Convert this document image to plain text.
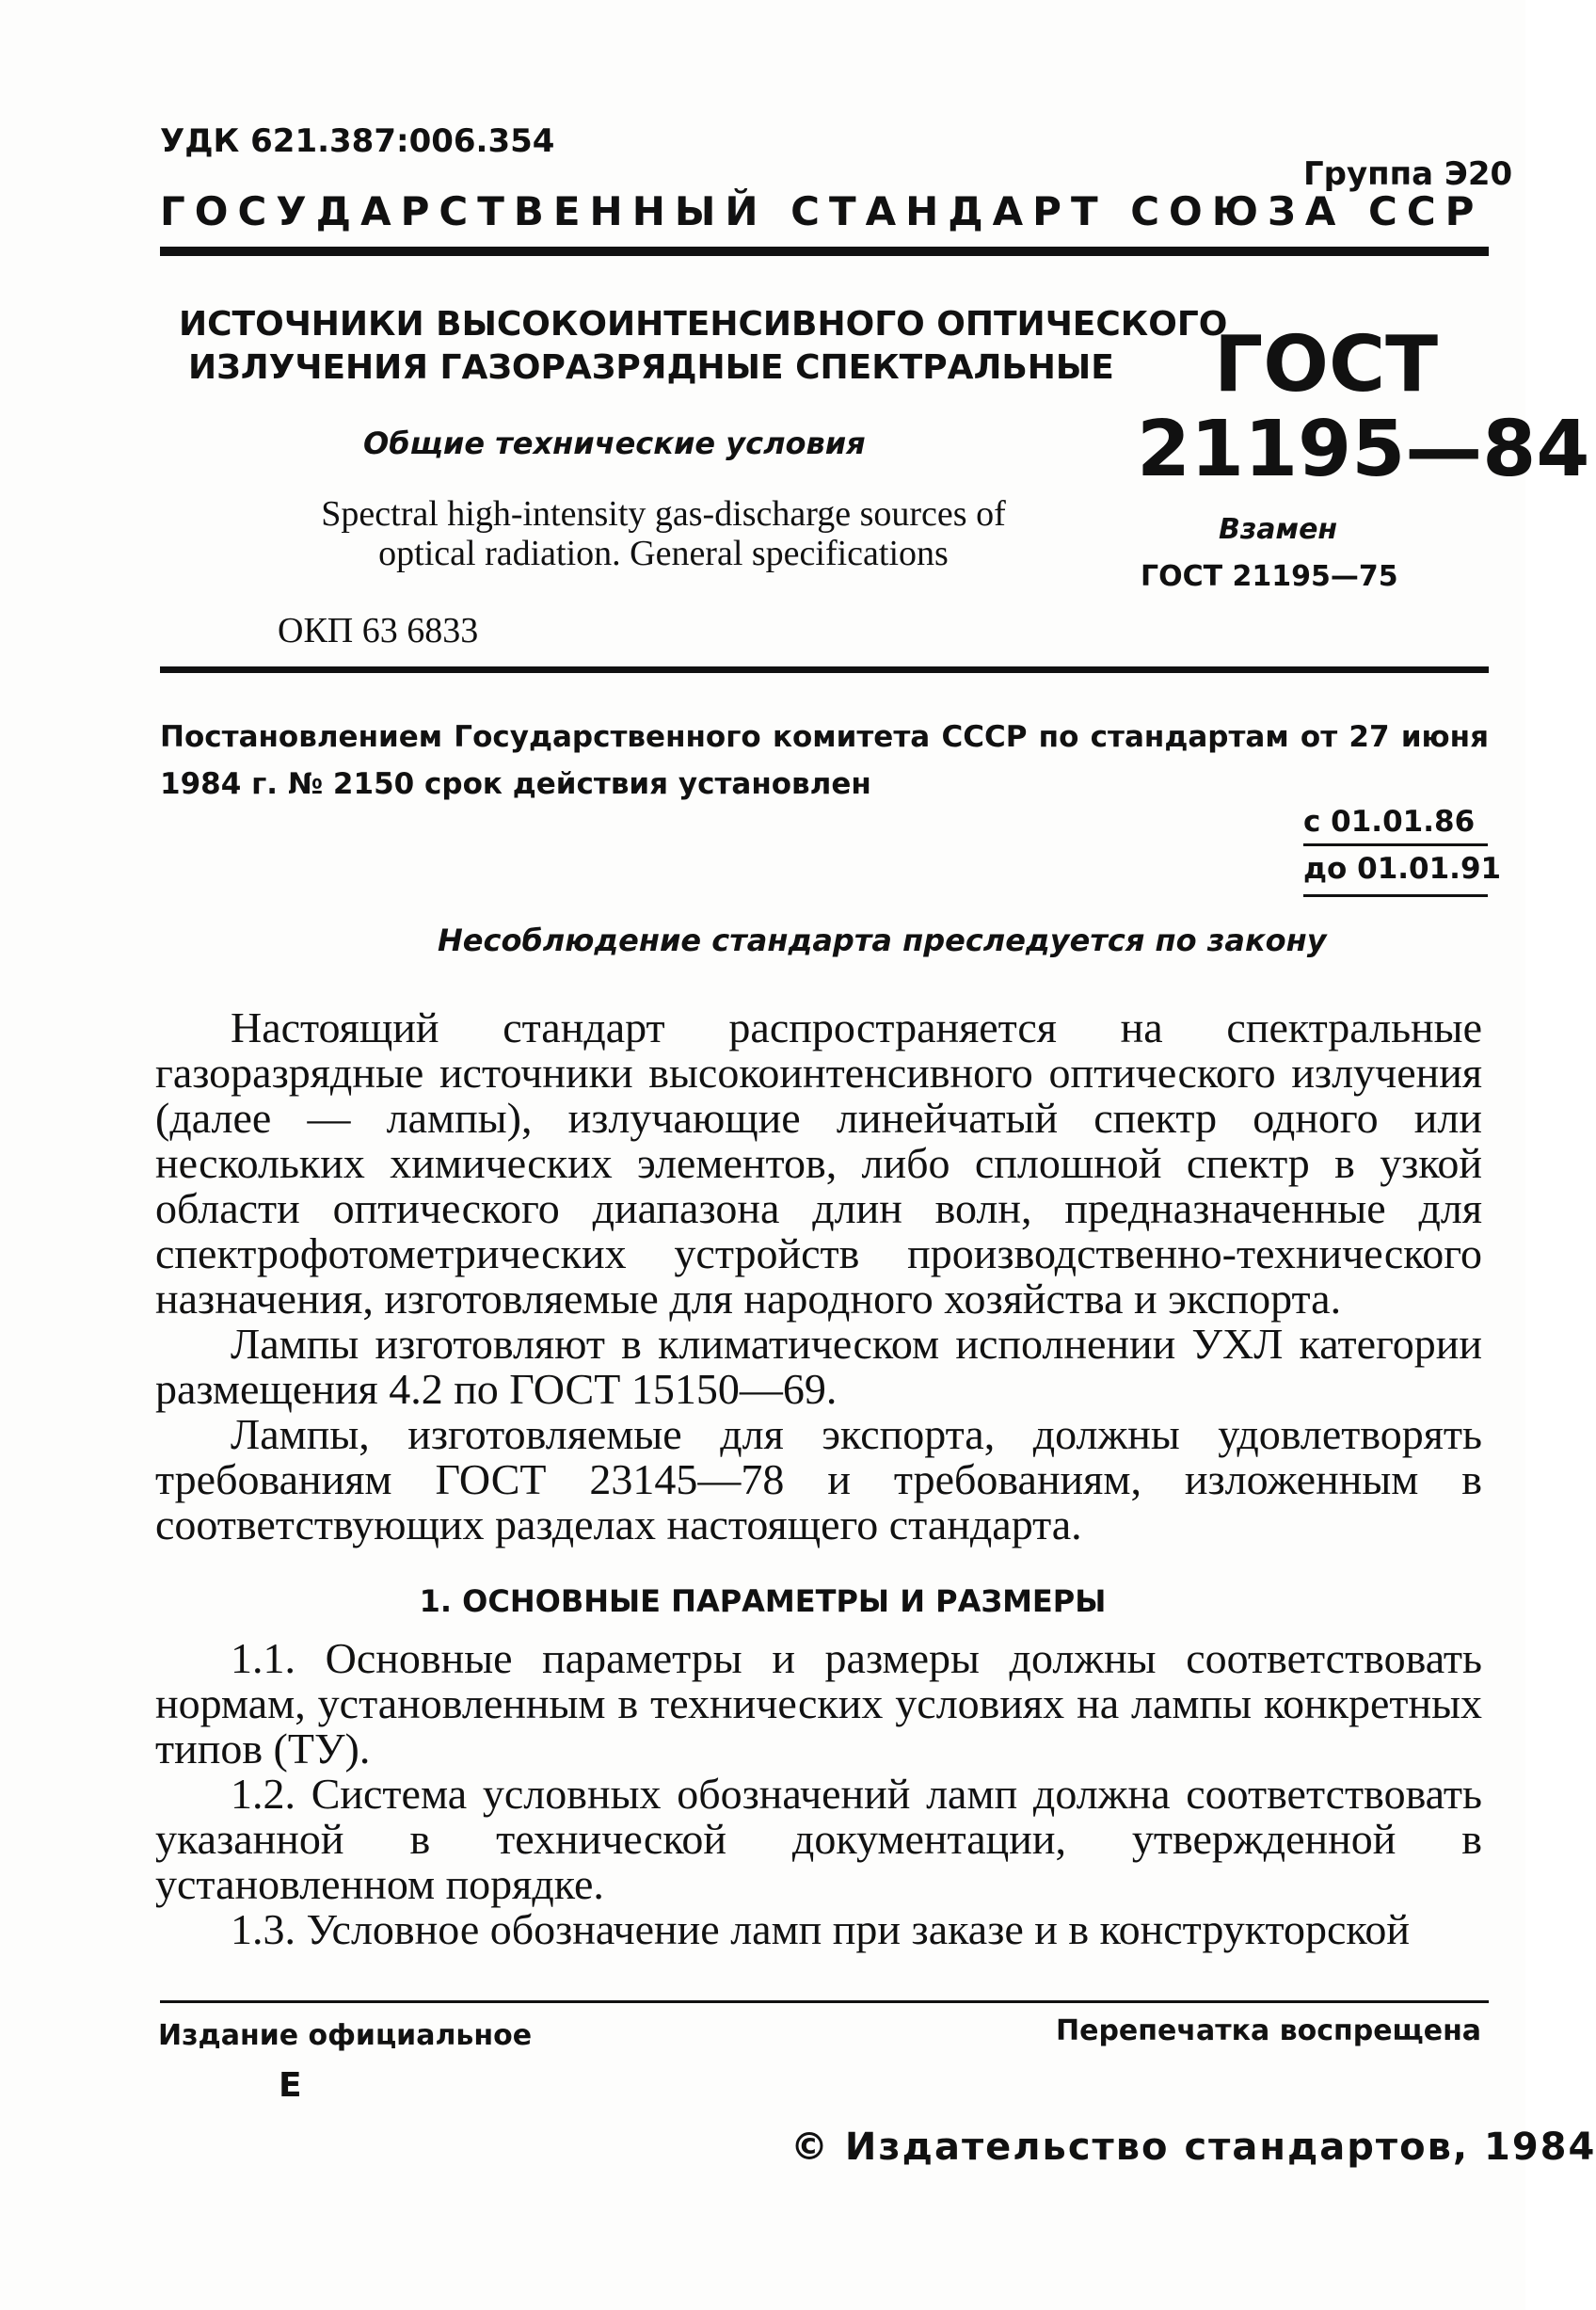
УДК 621.387:006.354
Группа Э20
ГОСУДАРСТВЕННЫЙ СТАНДАРТ СОЮЗА ССР
ИСТОЧНИКИ ВЫСОКОИНТЕНСИВНОГО ОПТИЧЕСКОГО
ИЗЛУЧЕНИЯ ГАЗОРАЗРЯДНЫЕ СПЕКТРАЛЬНЫЕ
Общие технические условия
Spectral high-intensity gas-discharge sources of
optical radiation. General specifications
ОКП 63 6833
ГОСТ
21195—84
Взамен
ГОСТ 21195—75
Постановлением Государственного комитета СССР по стандартам от 27 июня 1984 г. № 2150 срок действия установлен
с 01.01.86
до 01.01.91
Несоблюдение стандарта преследуется по закону

Настоящий стандарт распространяется на спектральные газоразрядные источники высокоинтенсивного оптического излучения (далее — лампы), излучающие линейчатый спектр одного или нескольких химических элементов, либо сплошной спектр в узкой области оптического диапазона длин волн, предназначенные для спектрофотометрических устройств производственно-технического назначения, изготовляемые для народного хозяйства и экспорта.

Лампы изготовляют в климатическом исполнении УХЛ категории размещения 4.2 по ГОСТ 15150—69.

Лампы, изготовляемые для экспорта, должны удовлетворять требованиям ГОСТ 23145—78 и требованиям, изложенным в соответствующих разделах настоящего стандарта.

1. ОСНОВНЫЕ ПАРАМЕТРЫ И РАЗМЕРЫ

1.1. Основные параметры и размеры должны соответствовать нормам, установленным в технических условиях на лампы конкретных типов (ТУ).

1.2. Система условных обозначений ламп должна соответствовать указанной в технической документации, утвержденной в установленном порядке.

1.3. Условное обозначение ламп при заказе и в конструкторской

Издание официальное	Перепечатка воспрещена
Е
© Издательство стандартов, 1984
